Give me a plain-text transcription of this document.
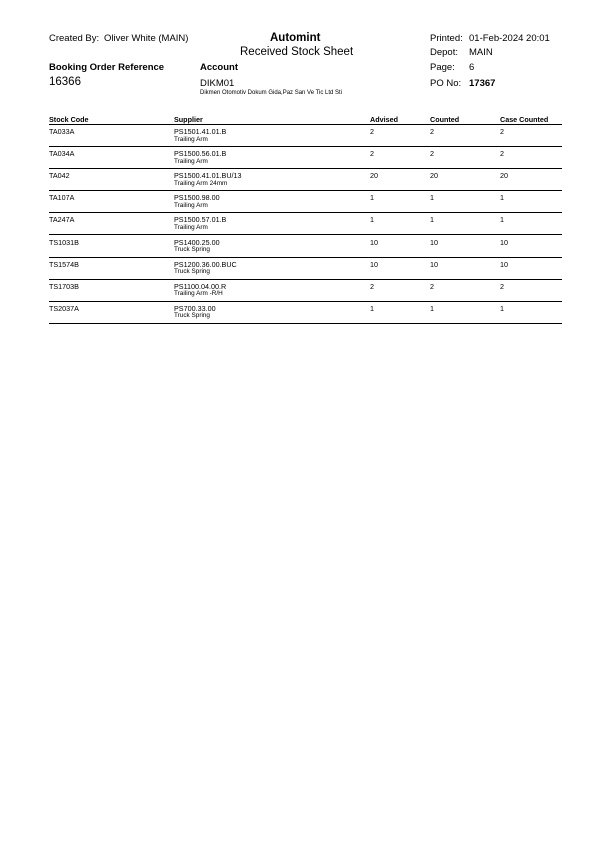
Created By: Oliver White (MAIN)	Automint
Received Stock Sheet
Printed: 01-Feb-2024 20:01
Depot: MAIN
Page: 6
PO No: 17367
Booking Order Reference
16366
Account
DIKM01
Dikmen Otomotiv Dokum Gida,Paz San Ve Tic Ltd Sti
Stock Code	Supplier	Advised	Counted	Case Counted
TA033A	PS1501.41.01.B	2	2	2
Trailing Arm
TA034A	PS1500.56.01.B	2	2	2
Trailing Arm
TA042	PS1500.41.01.BU/13	20	20	20
Trailing Arm 24mm
TA107A	PS1500.98.00	1	1	1
Trailing Arm
TA247A	PS1500.57.01.B	1	1	1
Trailing Arm
TS1031B	PS1400.25.00	10	10	10
Truck Spring
TS1574B	PS1200.36.00.BUC	10	10	10
Truck Spring
TS1703B	PS1100.04.00.R	2	2	2
Trailing Arm -R/H
TS2037A	PS700.33.00	1	1	1
Truck Spring
